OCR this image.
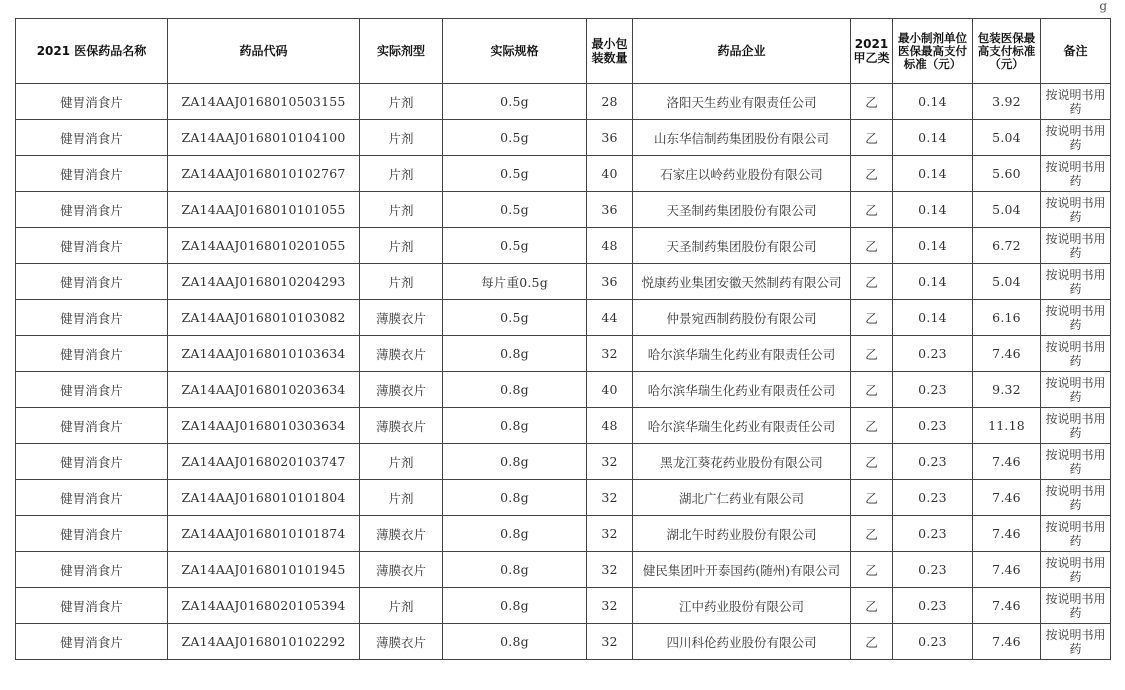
g
2021 医保药品名称	药品代码	实际剂型	实际规格	最小包装数量	药品企业	2021甲乙类	最小制剂单位医保最高支付标准（元）	包装医保最高支付标准（元）	备注
健胃消食片	ZA14AAJ0168010503155	片剂	0.5g	28	洛阳天生药业有限责任公司	乙	0.14	3.92	按说明书用药
健胃消食片	ZA14AAJ0168010104100	片剂	0.5g	36	山东华信制药集团股份有限公司	乙	0.14	5.04	按说明书用药
健胃消食片	ZA14AAJ0168010102767	片剂	0.5g	40	石家庄以岭药业股份有限公司	乙	0.14	5.60	按说明书用药
健胃消食片	ZA14AAJ0168010101055	片剂	0.5g	36	天圣制药集团股份有限公司	乙	0.14	5.04	按说明书用药
健胃消食片	ZA14AAJ0168010201055	片剂	0.5g	48	天圣制药集团股份有限公司	乙	0.14	6.72	按说明书用药
健胃消食片	ZA14AAJ0168010204293	片剂	每片重0.5g	36	悦康药业集团安徽天然制药有限公司	乙	0.14	5.04	按说明书用药
健胃消食片	ZA14AAJ0168010103082	薄膜衣片	0.5g	44	仲景宛西制药股份有限公司	乙	0.14	6.16	按说明书用药
健胃消食片	ZA14AAJ0168010103634	薄膜衣片	0.8g	32	哈尔滨华瑞生化药业有限责任公司	乙	0.23	7.46	按说明书用药
健胃消食片	ZA14AAJ0168010203634	薄膜衣片	0.8g	40	哈尔滨华瑞生化药业有限责任公司	乙	0.23	9.32	按说明书用药
健胃消食片	ZA14AAJ0168010303634	薄膜衣片	0.8g	48	哈尔滨华瑞生化药业有限责任公司	乙	0.23	11.18	按说明书用药
健胃消食片	ZA14AAJ0168020103747	片剂	0.8g	32	黑龙江葵花药业股份有限公司	乙	0.23	7.46	按说明书用药
健胃消食片	ZA14AAJ0168010101804	片剂	0.8g	32	湖北广仁药业有限公司	乙	0.23	7.46	按说明书用药
健胃消食片	ZA14AAJ0168010101874	薄膜衣片	0.8g	32	湖北午时药业股份有限公司	乙	0.23	7.46	按说明书用药
健胃消食片	ZA14AAJ0168010101945	薄膜衣片	0.8g	32	健民集团叶开泰国药(随州)有限公司	乙	0.23	7.46	按说明书用药
健胃消食片	ZA14AAJ0168020105394	片剂	0.8g	32	江中药业股份有限公司	乙	0.23	7.46	按说明书用药
健胃消食片	ZA14AAJ0168010102292	薄膜衣片	0.8g	32	四川科伦药业股份有限公司	乙	0.23	7.46	按说明书用药
